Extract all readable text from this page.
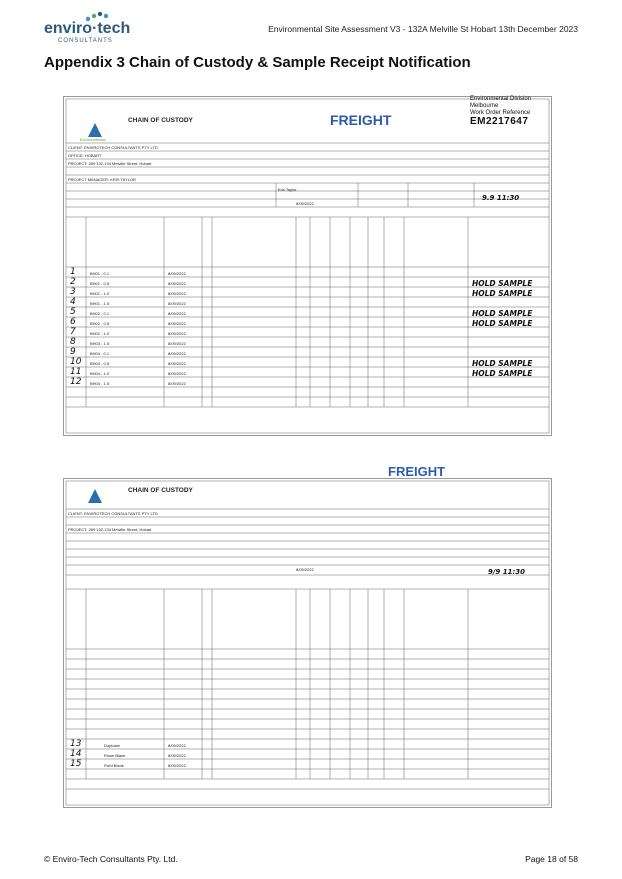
enviro·tech
CONSULTANTS
Environmental Site Assessment V3 - 132A Melville St Hobart 13th December 2023
Appendix 3 Chain of Custody & Sample Receipt Notification
Environmental
CHAIN OF CUSTODY
CLIENT: ENVIROTECH CONSULTANTS PTY LTD
OFFICE: HOBART
PROJECT: 289 132-134 Melville Street, Hobart
PROJECT MANAGER: KRIS TAYLOR
Kris Taylor
8/09/2022
1	BH01 - 0.1	8/09/2022
2	BH01 - 0.5	8/09/2022	HOLD SAMPLE
3	BH01 - 1.0	8/09/2022	HOLD SAMPLE
4	BH01 - 1.5	8/09/2022
5	BH02 - 0.1	8/09/2022	HOLD SAMPLE
6	BH02 - 0.5	8/09/2022	HOLD SAMPLE
7	BH02 - 1.0	8/09/2022
8	BH03 - 1.5	8/09/2022
9	BH04 - 0.1	8/09/2022
10 BH04 - 0.5	8/09/2022	HOLD SAMPLE
11 BH04 - 1.0	8/09/2022	HOLD SAMPLE
12 BH04 - 1.5	8/09/2022
FREIGHT
Environmental Division
Melbourne
Work Order Reference
EM2217647
9.9 11:30
CHAIN OF CUSTODY
CLIENT: ENVIROTECH CONSULTANTS PTY LTD
PROJECT: 289 132-134 Melville Street, Hobart
8/09/2022
13	Dupicate	8/09/2022
14	Rinse Blank	8/09/2022
15	Field Blank	8/09/2022
FREIGHT
9/9 11:30
© Enviro-Tech Consultants Pty. Ltd.	Page 18 of 58
